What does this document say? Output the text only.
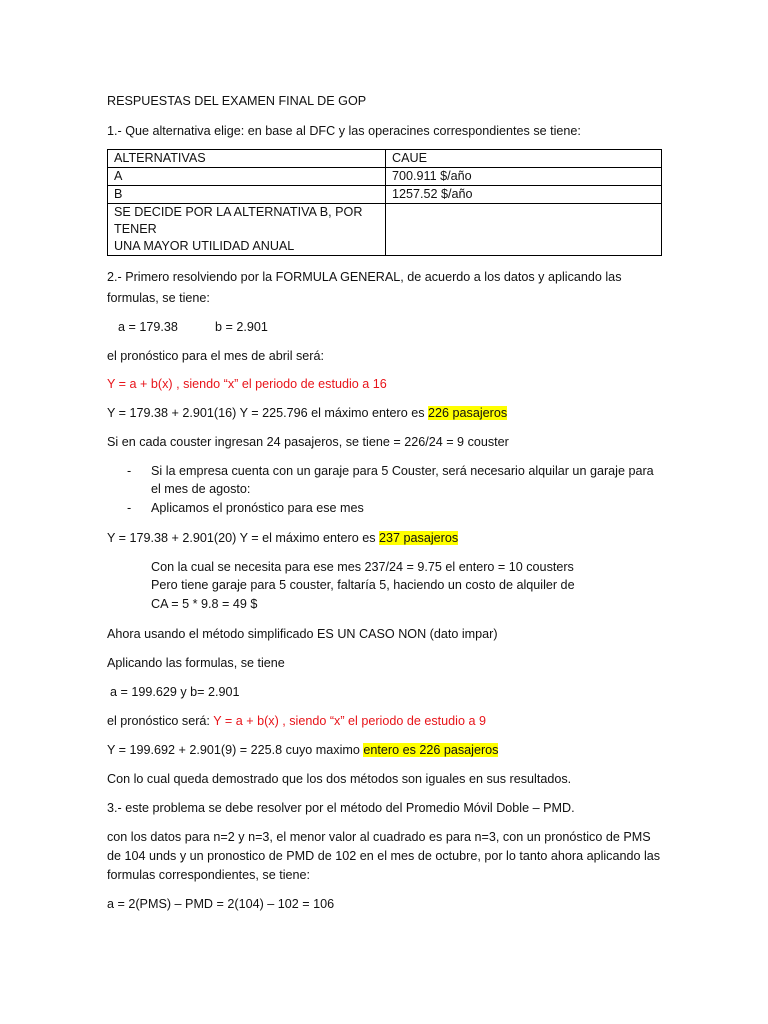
RESPUESTAS DEL EXAMEN FINAL DE GOP
1.- Que alternativa elige: en base al DFC y las operacines correspondientes se tiene:
ALTERNATIVAS	CAUE
A	700.911 $/año
B	1257.52 $/año
SE DECIDE POR LA ALTERNATIVA B, POR TENER
UNA MAYOR UTILIDAD ANUAL	
2.- Primero resolviendo por la FORMULA GENERAL, de acuerdo a los datos y aplicando las
formulas, se tiene:
a = 179.38	b = 2.901
el pronóstico para el mes de abril será:
Y = a + b(x) , siendo “x” el periodo de estudio a 16
Y = 179.38 + 2.901(16) Y = 225.796 el máximo entero es 226 pasajeros
Si en cada couster ingresan 24 pasajeros, se tiene = 226/24 = 9 couster
- Si la empresa cuenta con un garaje para 5 Couster, será necesario alquilar un garaje para
el mes de agosto:
- Aplicamos el pronóstico para ese mes
Y = 179.38 + 2.901(20) Y = el máximo entero es 237 pasajeros
Con la cual se necesita para ese mes 237/24 = 9.75 el entero = 10 cousters
Pero tiene garaje para 5 couster, faltaría 5, haciendo un costo de alquiler de
CA = 5 * 9.8 = 49 $
Ahora usando el método simplificado ES UN CASO NON (dato impar)
Aplicando las formulas, se tiene
a = 199.629 y b= 2.901
el pronóstico será: Y = a + b(x) , siendo “x” el periodo de estudio a 9
Y = 199.692 + 2.901(9) = 225.8 cuyo maximo entero es 226 pasajeros
Con lo cual queda demostrado que los dos métodos son iguales en sus resultados.
3.- este problema se debe resolver por el método del Promedio Móvil Doble – PMD.
con los datos para n=2 y n=3, el menor valor al cuadrado es para n=3, con un pronóstico de PMS
de 104 unds y un pronostico de PMD de 102 en el mes de octubre, por lo tanto ahora aplicando las
formulas correspondientes, se tiene:
a = 2(PMS) – PMD = 2(104) – 102 = 106
